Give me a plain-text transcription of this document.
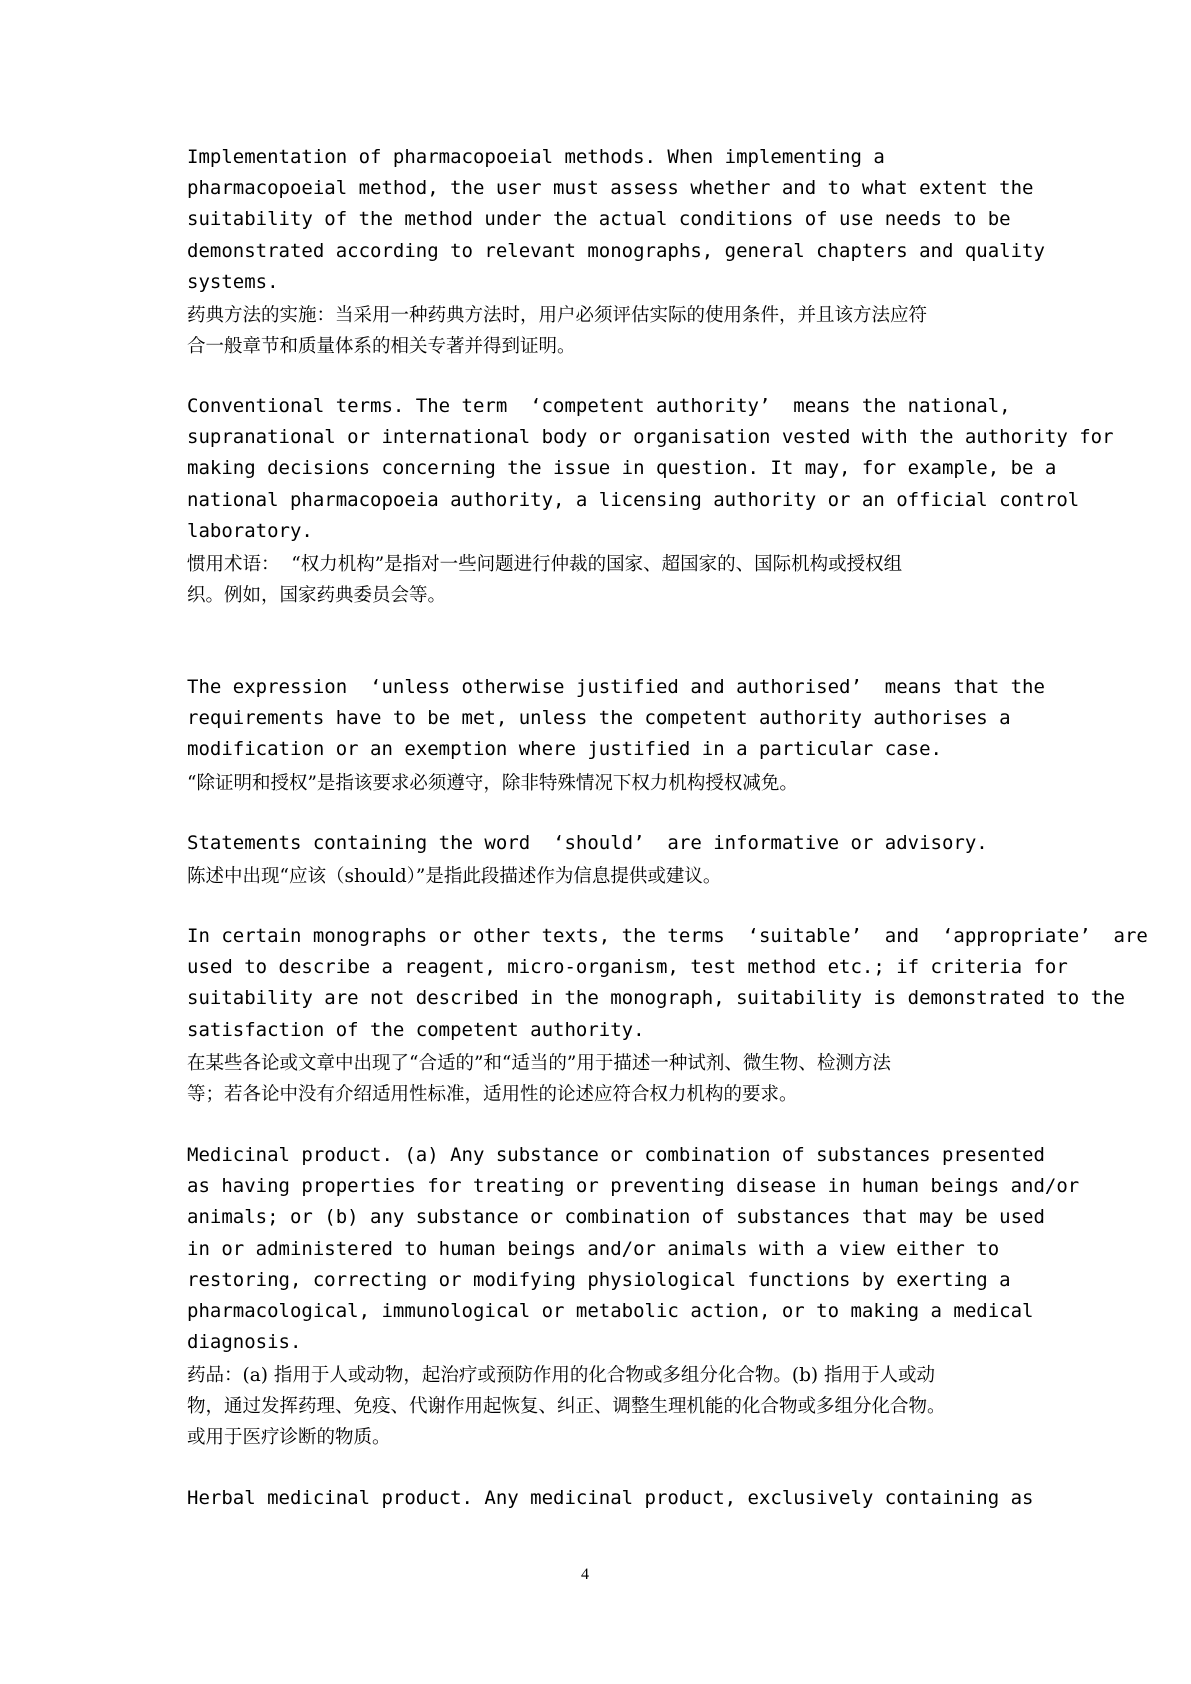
Implementation of pharmacopoeial methods. When implementing a
pharmacopoeial method, the user must assess whether and to what extent the
suitability of the method under the actual conditions of use needs to be
demonstrated according to relevant monographs, general chapters and quality
systems.
药典方法的实施：当采用一种药典方法时，用户必须评估实际的使用条件，并且该方法应符
合一般章节和质量体系的相关专著并得到证明。
Conventional terms. The term  ‘competent authority’  means the national,
supranational or international body or organisation vested with the authority for
making decisions concerning the issue in question. It may, for example, be a
national pharmacopoeia authority, a licensing authority or an official control
laboratory.
惯用术语：  “权力机构”是指对一些问题进行仲裁的国家、超国家的、国际机构或授权组
织。例如，国家药典委员会等。
The expression  ‘unless otherwise justified and authorised’  means that the
requirements have to be met, unless the competent authority authorises a
modification or an exemption where justified in a particular case.
“除证明和授权”是指该要求必须遵守，除非特殊情况下权力机构授权减免。
Statements containing the word  ‘should’  are informative or advisory.
陈述中出现“应该（should）”是指此段描述作为信息提供或建议。
In certain monographs or other texts, the terms  ‘suitable’  and  ‘appropriate’  are
used to describe a reagent, micro-organism, test method etc.; if criteria for
suitability are not described in the monograph, suitability is demonstrated to the
satisfaction of the competent authority.
在某些各论或文章中出现了“合适的”和“适当的”用于描述一种试剂、微生物、检测方法
等；若各论中没有介绍适用性标准，适用性的论述应符合权力机构的要求。
Medicinal product. (a) Any substance or combination of substances presented
as having properties for treating or preventing disease in human beings and/or
animals; or (b) any substance or combination of substances that may be used
in or administered to human beings and/or animals with a view either to
restoring, correcting or modifying physiological functions by exerting a
pharmacological, immunological or metabolic action, or to making a medical
diagnosis.
药品：(a) 指用于人或动物，起治疗或预防作用的化合物或多组分化合物。(b) 指用于人或动
物，通过发挥药理、免疫、代谢作用起恢复、纠正、调整生理机能的化合物或多组分化合物。
或用于医疗诊断的物质。
Herbal medicinal product. Any medicinal product, exclusively containing as
4
